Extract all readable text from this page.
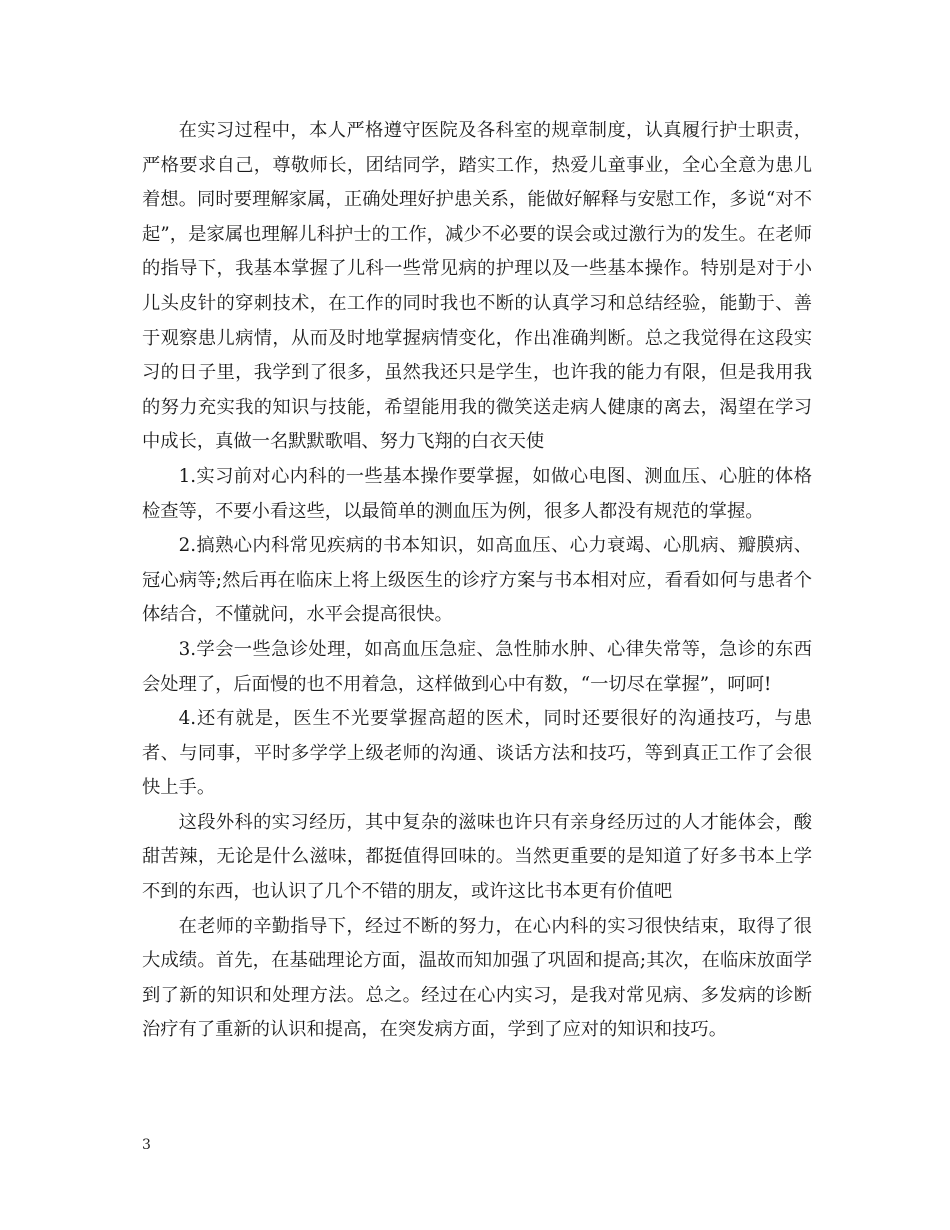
在实习过程中，本人严格遵守医院及各科室的规章制度，认真履行护士职责，严格要求自己，尊敬师长，团结同学，踏实工作，热爱儿童事业，全心全意为患儿着想。同时要理解家属，正确处理好护患关系，能做好解释与安慰工作，多说“对不起”，是家属也理解儿科护士的工作，减少不必要的误会或过激行为的发生。在老师的指导下，我基本掌握了儿科一些常见病的护理以及一些基本操作。特别是对于小儿头皮针的穿刺技术，在工作的同时我也不断的认真学习和总结经验，能勤于、善于观察患儿病情，从而及时地掌握病情变化，作出准确判断。总之我觉得在这段实习的日子里，我学到了很多，虽然我还只是学生，也许我的能力有限，但是我用我的努力充实我的知识与技能，希望能用我的微笑送走病人健康的离去，渴望在学习中成长，真做一名默默歌唱、努力飞翔的白衣天使

1.实习前对心内科的一些基本操作要掌握，如做心电图、测血压、心脏的体格检查等，不要小看这些，以最简单的测血压为例，很多人都没有规范的掌握。

2.搞熟心内科常见疾病的书本知识，如高血压、心力衰竭、心肌病、瓣膜病、冠心病等;然后再在临床上将上级医生的诊疗方案与书本相对应，看看如何与患者个体结合，不懂就问，水平会提高很快。

3.学会一些急诊处理，如高血压急症、急性肺水肿、心律失常等，急诊的东西会处理了，后面慢的也不用着急，这样做到心中有数，“一切尽在掌握”，呵呵!

4.还有就是，医生不光要掌握高超的医术，同时还要很好的沟通技巧，与患者、与同事，平时多学学上级老师的沟通、谈话方法和技巧，等到真正工作了会很快上手。

这段外科的实习经历，其中复杂的滋味也许只有亲身经历过的人才能体会，酸甜苦辣，无论是什么滋味，都挺值得回味的。当然更重要的是知道了好多书本上学不到的东西，也认识了几个不错的朋友，或许这比书本更有价值吧

在老师的辛勤指导下，经过不断的努力，在心内科的实习很快结束，取得了很大成绩。首先，在基础理论方面，温故而知加强了巩固和提高;其次，在临床放面学到了新的知识和处理方法。总之。经过在心内实习，是我对常见病、多发病的诊断治疗有了重新的认识和提高，在突发病方面，学到了应对的知识和技巧。

3
